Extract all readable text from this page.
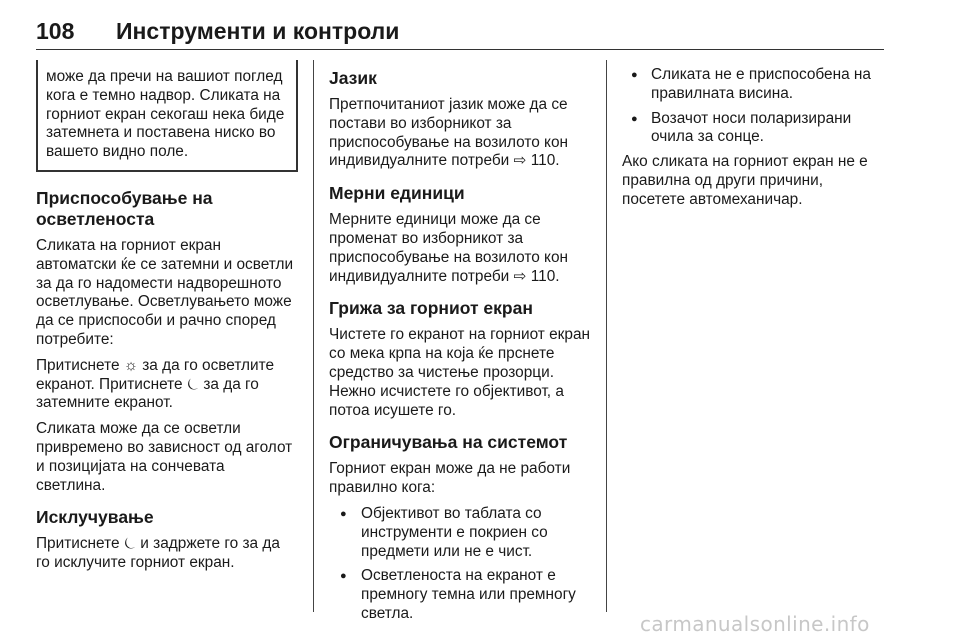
108 Инструменти и контроли
може да пречи на вашиот поглед кога е темно надвор. Сликата на горниот екран секогаш нека биде затемнета и поставена ниско во вашето видно поле.
Приспособување на осветленоста

Сликата на горниот екран автоматски ќе се затемни и осветли за да го надомести надворешното осветлување. Осветлувањето може да се приспособи и рачно според потребите:

Притиснете ☼ за да го осветлите екранот. Притиснете ⏾ за да го затемните екранот.

Сликата може да се осветли привремено во зависност од аголот и позицијата на сончевата светлина.

Исклучување

Притиснете ⏾ и задржете го за да го исклучите горниот екран.

Јазик

Претпочитаниот јазик може да се постави во изборникот за приспособување на возилото кон индивидуалните потреби ⇨ 110.

Мерни единици

Мерните единици може да се променат во изборникот за приспособување на возилото кон индивидуалните потреби ⇨ 110.

Грижа за горниот екран

Чистете го екранот на горниот екран со мека крпа на која ќе прснете средство за чистење прозорци. Нежно исчистете го објективот, а потоа исушете го.

Ограничувања на системот

Горниот екран може да не работи правилно кога:

● Објективот во таблата со инструменти е покриен со предмети или не е чист.
● Осветленоста на екранот е премногу темна или премногу светла.
● Сликата не е приспособена на правилната висина.
● Возачот носи поларизирани очила за сонце.

Ако сликата на горниот екран не е правилна од други причини, посетете автомеханичар.

carmanualsonline.info
